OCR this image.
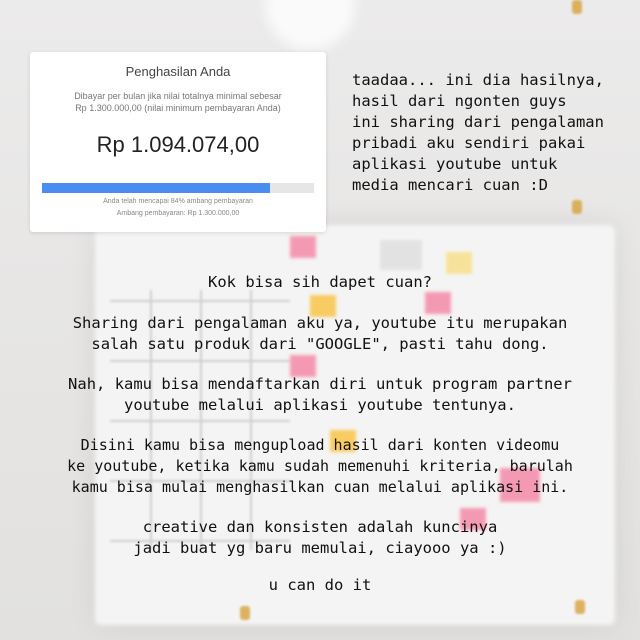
Penghasilan Anda
Dibayar per bulan jika nilai totalnya minimal sebesar
Rp 1.300.000,00 (nilai minimum pembayaran Anda)
Rp 1.094.074,00
Anda telah mencapai 84% ambang pembayaran
Ambang pembayaran: Rp 1.300.000,00
taadaa... ini dia hasilnya,
hasil dari ngonten guys
ini sharing dari pengalaman
pribadi aku sendiri pakai
aplikasi youtube untuk
media mencari cuan :D
Kok bisa sih dapet cuan?
Sharing dari pengalaman aku ya, youtube itu merupakan
salah satu produk dari "GOOGLE", pasti tahu dong.
Nah, kamu bisa mendaftarkan diri untuk program partner
youtube melalui aplikasi youtube tentunya.
Disini kamu bisa mengupload hasil dari konten videomu
ke youtube, ketika kamu sudah memenuhi kriteria, barulah
kamu bisa mulai menghasilkan cuan melalui aplikasi ini.
creative dan konsisten adalah kuncinya
jadi buat yg baru memulai, ciayooo ya :)
u can do it
